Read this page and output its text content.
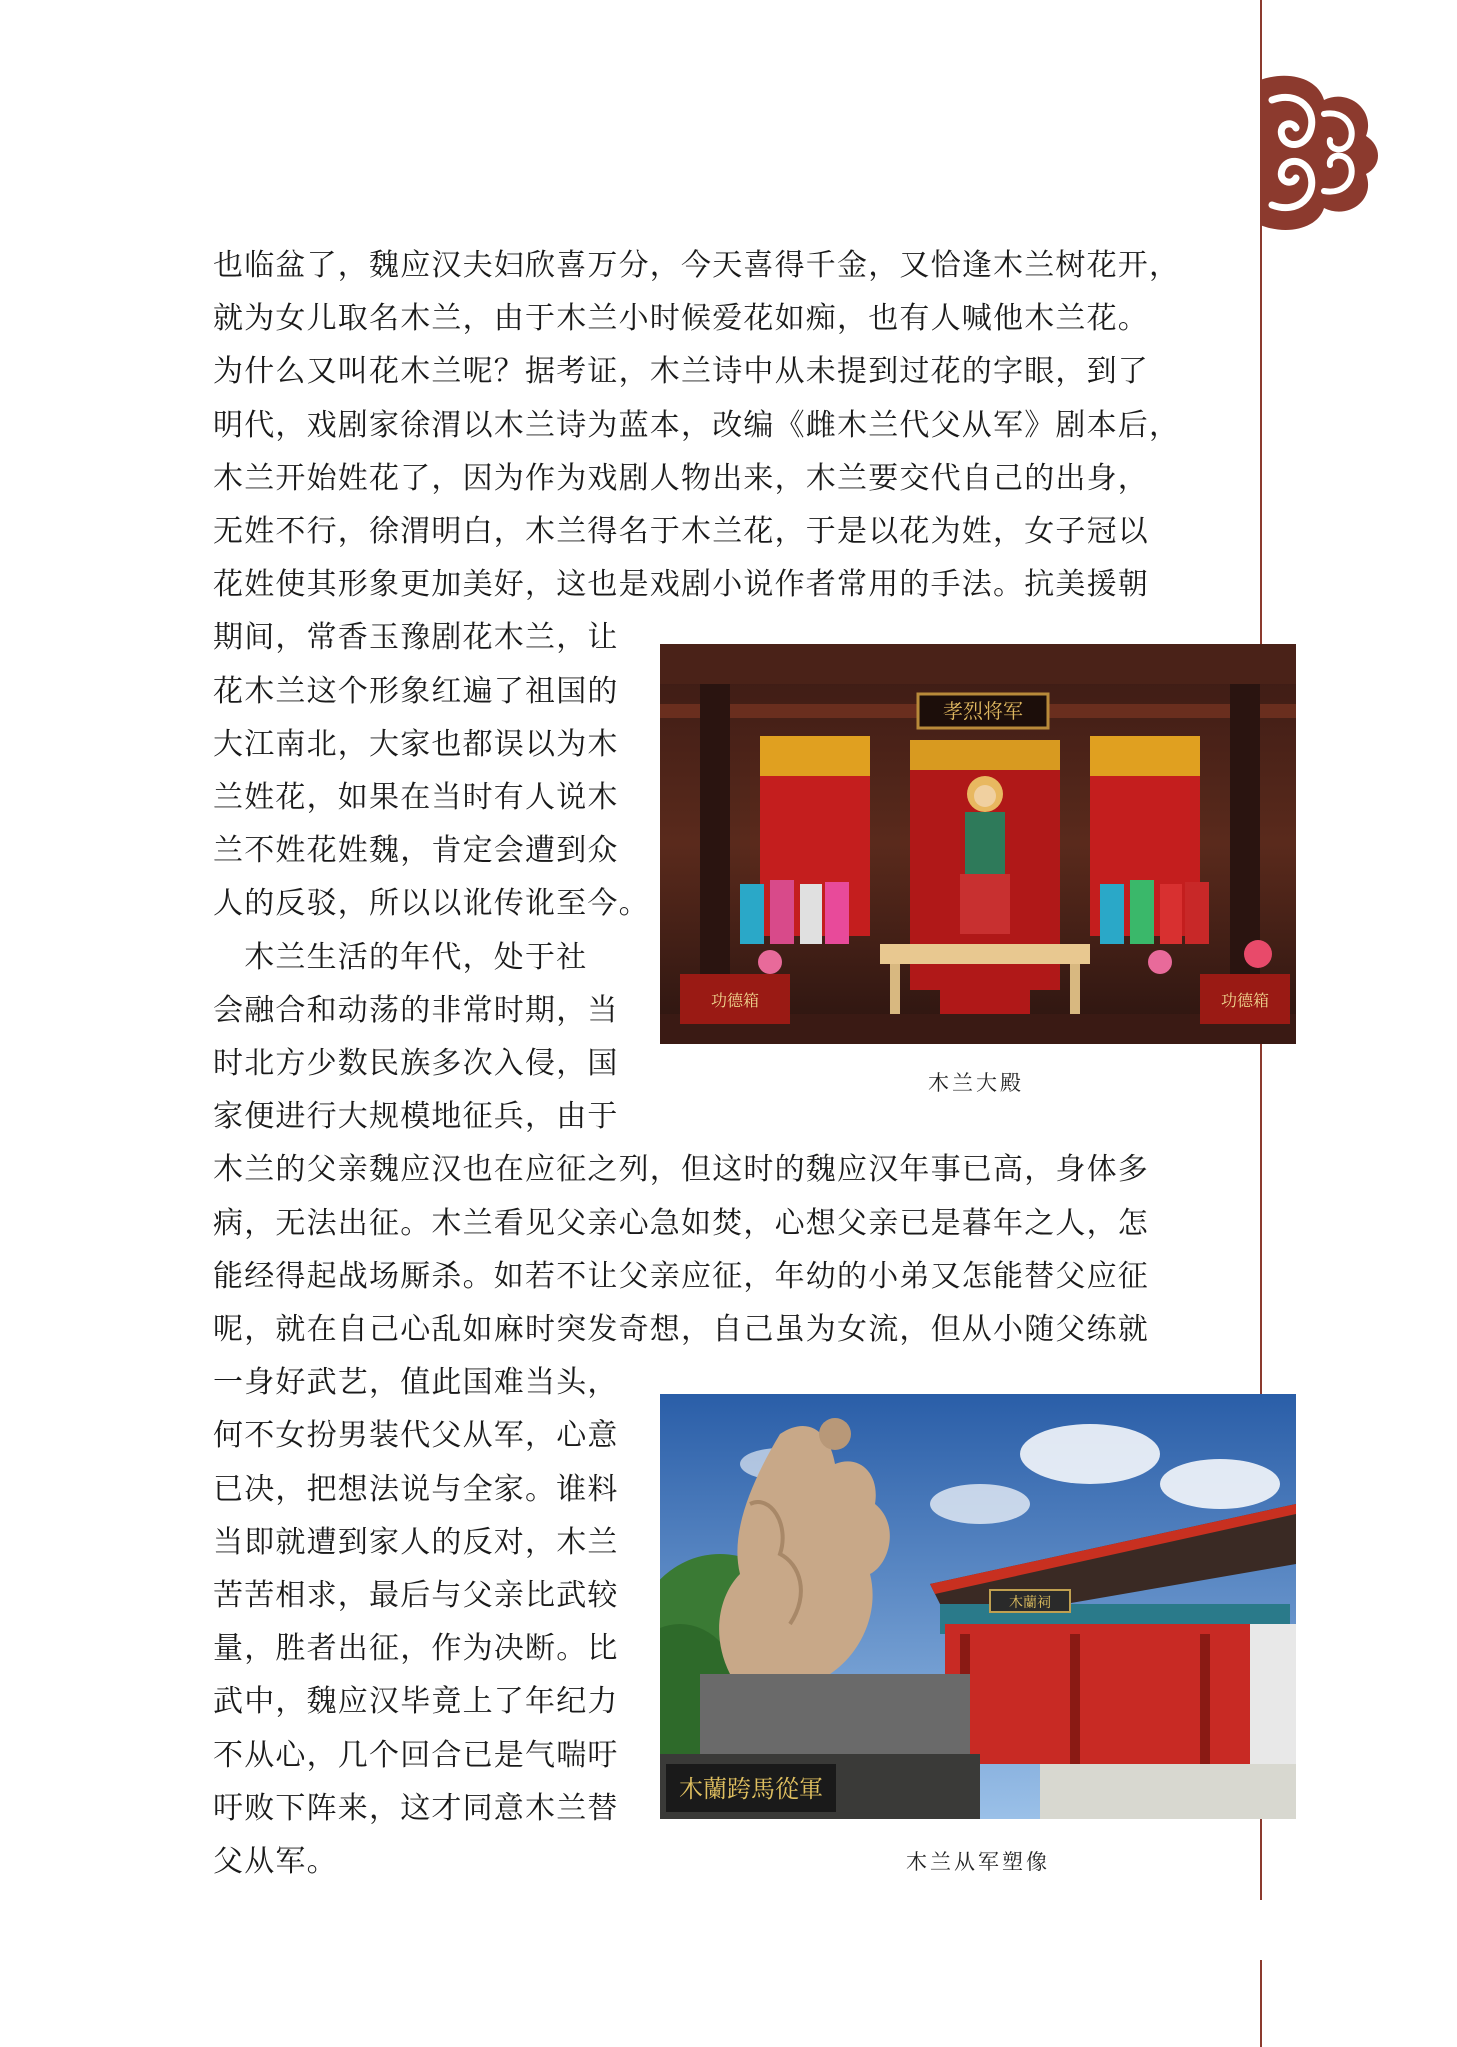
也临盆了，魏应汉夫妇欣喜万分，今天喜得千金，又恰逢木兰树花开，
就为女儿取名木兰，由于木兰小时候爱花如痴，也有人喊他木兰花。
为什么又叫花木兰呢？据考证，木兰诗中从未提到过花的字眼，到了
明代，戏剧家徐渭以木兰诗为蓝本，改编《雌木兰代父从军》剧本后，
木兰开始姓花了，因为作为戏剧人物出来，木兰要交代自己的出身，
无姓不行，徐渭明白，木兰得名于木兰花，于是以花为姓，女子冠以
花姓使其形象更加美好，这也是戏剧小说作者常用的手法。抗美援朝
期间，常香玉豫剧花木兰，让
花木兰这个形象红遍了祖国的
大江南北，大家也都误以为木
兰姓花，如果在当时有人说木
兰不姓花姓魏，肯定会遭到众
人的反驳，所以以讹传讹至今。
　木兰生活的年代，处于社
会融合和动荡的非常时期，当
时北方少数民族多次入侵，国
家便进行大规模地征兵，由于
木兰的父亲魏应汉也在应征之列，但这时的魏应汉年事已高，身体多
病，无法出征。木兰看见父亲心急如焚，心想父亲已是暮年之人，怎
能经得起战场厮杀。如若不让父亲应征，年幼的小弟又怎能替父应征
呢，就在自己心乱如麻时突发奇想，自己虽为女流，但从小随父练就
一身好武艺，值此国难当头，
何不女扮男装代父从军，心意
已决，把想法说与全家。谁料
当即就遭到家人的反对，木兰
苦苦相求，最后与父亲比武较
量，胜者出征，作为决断。比
武中，魏应汉毕竟上了年纪力
不从心，几个回合已是气喘吁
吁败下阵来，这才同意木兰替
父从军。
孝烈将军
功德箱	功德箱
木兰大殿
木蘭祠
木蘭跨馬從軍
木兰从军塑像
